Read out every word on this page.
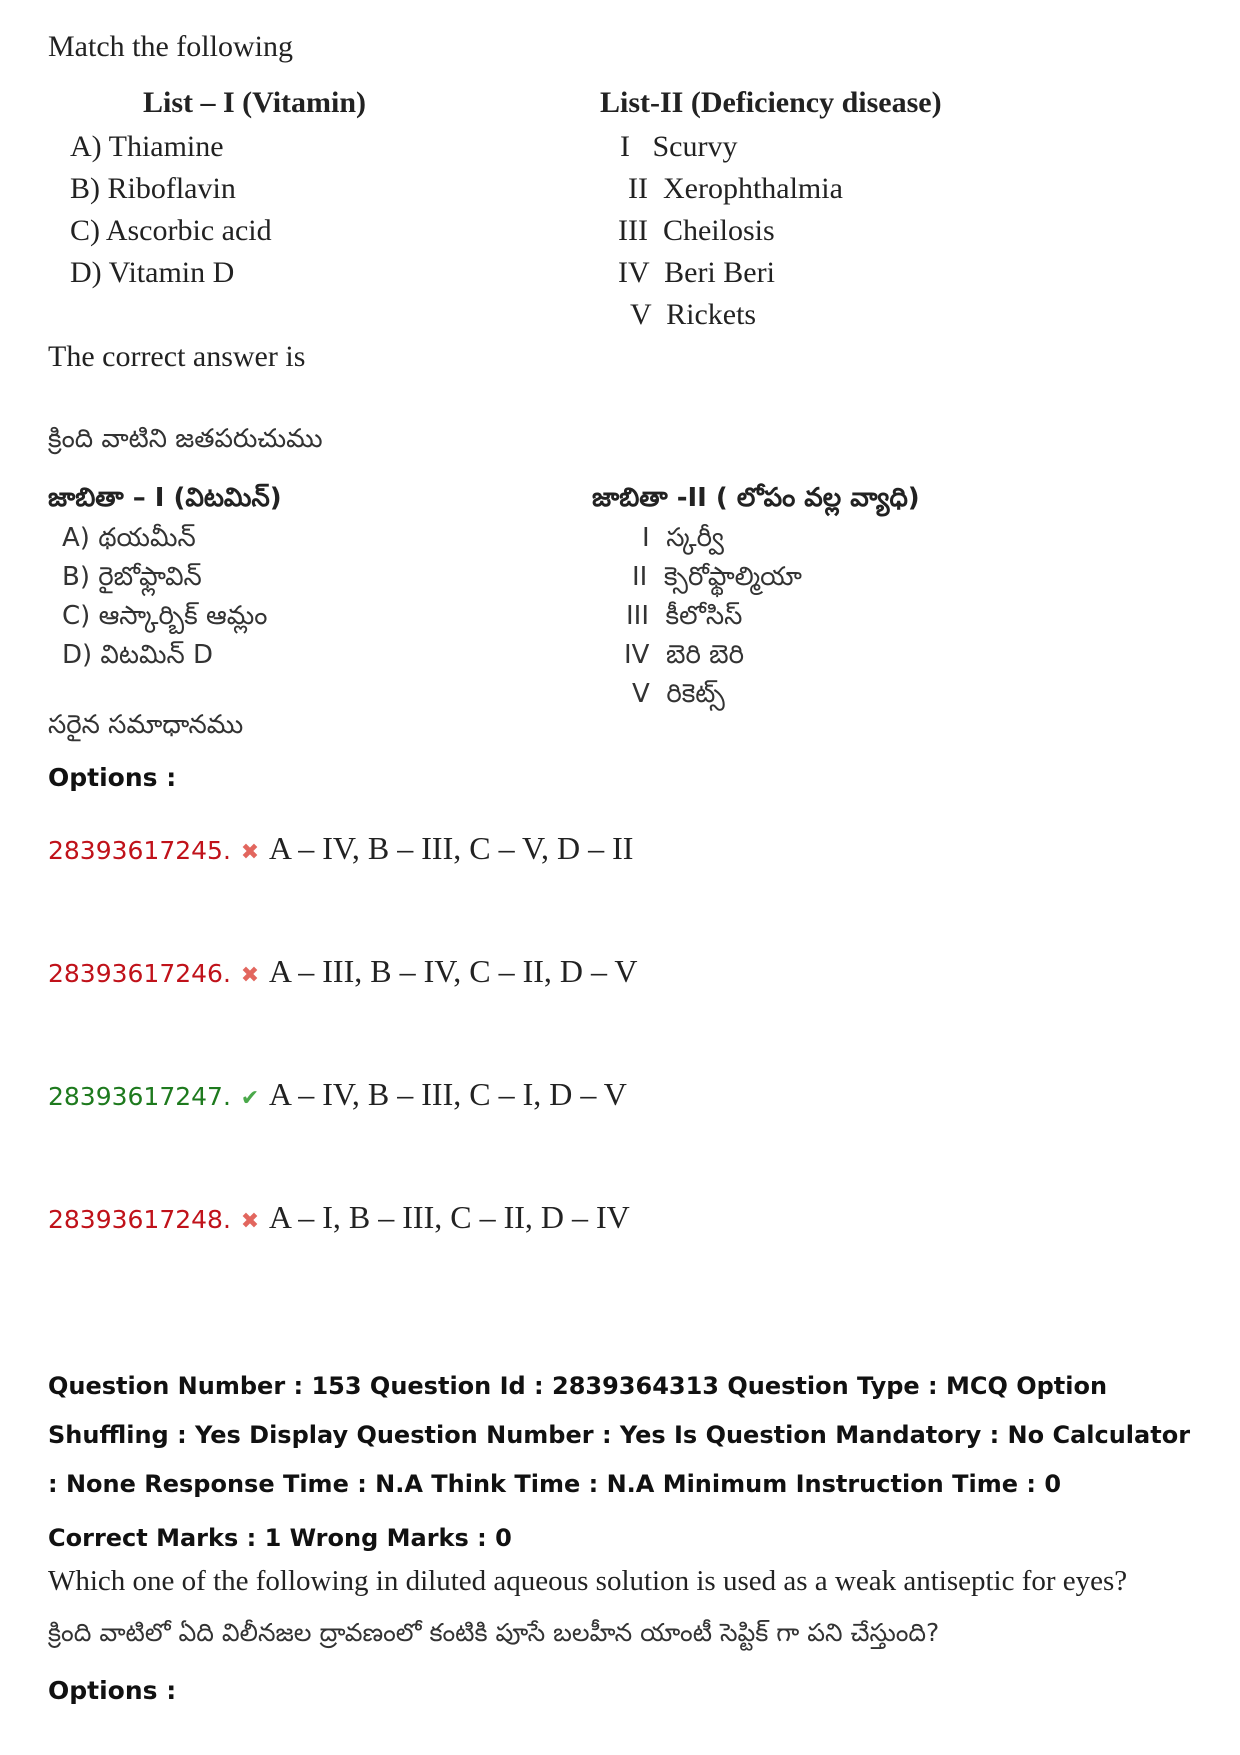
Match the following
List – I (Vitamin)	List-II (Deficiency disease)
A) Thiamine
B) Riboflavin
C) Ascorbic acid
D) Vitamin D
I   Scurvy
II  Xerophthalmia
III  Cheilosis
IV  Beri Beri
V  Rickets
The correct answer is
క్రింది వాటిని జతపరుచుము
జాబితా – I (విటమిన్)	జాబితా -II ( లోపం వల్ల వ్యాధి)
A) థయమీన్
B) రైబోఫ్లావిన్
C) ఆస్కార్బిక్ ఆమ్లం
D) విటమిన్ D
I  స్కర్వీ
II  క్సెరోఫ్థాల్మియా
III  కీలోసిస్
IV  బెరి బెరి
V  రికెట్స్
సరైన సమాధానము
Options :
28393617245. ✖ A – IV, B – III, C – V, D – II
28393617246. ✖ A – III, B – IV, C – II, D – V
28393617247. ✔ A – IV, B – III, C – I, D – V
28393617248. ✖ A – I, B – III, C – II, D – IV
Question Number : 153 Question Id : 2839364313 Question Type : MCQ Option Shuffling : Yes Display Question Number : Yes Is Question Mandatory : No Calculator : None Response Time : N.A Think Time : N.A Minimum Instruction Time : 0
Correct Marks : 1 Wrong Marks : 0
Which one of the following in diluted aqueous solution is used as a weak antiseptic for eyes?
క్రింది వాటిలో ఏది విలీనజల ద్రావణంలో కంటికి పూసే బలహీన యాంటీ సెప్టిక్ గా పని చేస్తుంది?
Options :
